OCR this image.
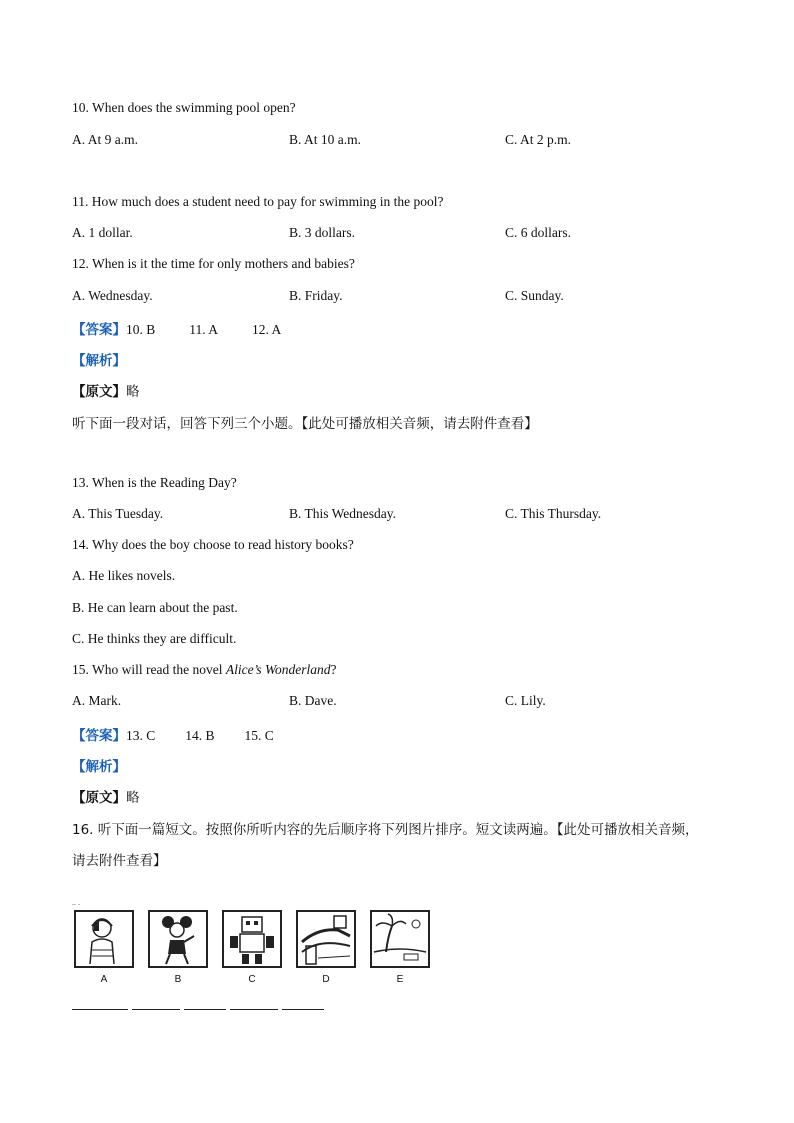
10. When does the swimming pool open?
A. At 9 a.m.	B. At 10 a.m.	C. At 2 p.m.
11. How much does a student need to pay for swimming in the pool?
A. 1 dollar.	B. 3 dollars.	C. 6 dollars.
12. When is it the time for only mothers and babies?
A. Wednesday.	B. Friday.	C. Sunday.
【答案】10. B	11. A	12. A
【解析】
【原文】略
听下面一段对话，回答下列三个小题。【此处可播放相关音频，请去附件查看】
13. When is the Reading Day?
A. This Tuesday.	B. This Wednesday.	C. This Thursday.
14. Why does the boy choose to read history books?
A. He likes novels.
B. He can learn about the past.
C. He thinks they are difficult.
15. Who will read the novel Alice’s Wonderland?
A. Mark.	B. Dave.	C. Lily.
【答案】13. C 14. B 15. C
【解析】
【原文】略
16. 听下面一篇短文。按照你所听内容的先后顺序将下列图片排序。短文读两遍。【此处可播放相关音频，
请去附件查看】
.. .
A	B	C	D	E
